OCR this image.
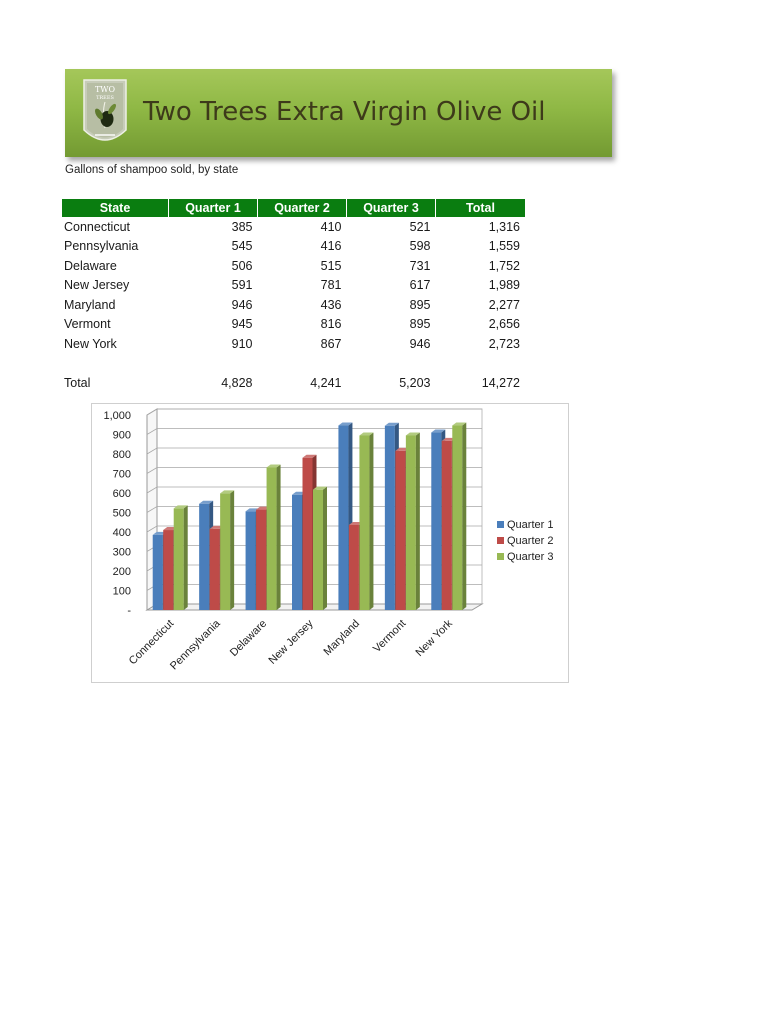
TWO
TREES Two Trees Extra Virgin Olive Oil
Gallons of shampoo sold, by state
State	Quarter 1	Quarter 2	Quarter 3	Total
Connecticut	385	410	521	1,316
Pennsylvania	545	416	598	1,559
Delaware	506	515	731	1,752
New Jersey	591	781	617	1,989
Maryland	946	436	895	2,277
Vermont	945	816	895	2,656
New York	910	867	946	2,723

Total	4,828	4,241	5,203	14,272
-
100
200
300
400
500
600
700
800
900
1,000
Connecticut
Pennsylvania Delaware
New Jersey Maryland Vermont New York
Quarter 1
Quarter 2
Quarter 3
